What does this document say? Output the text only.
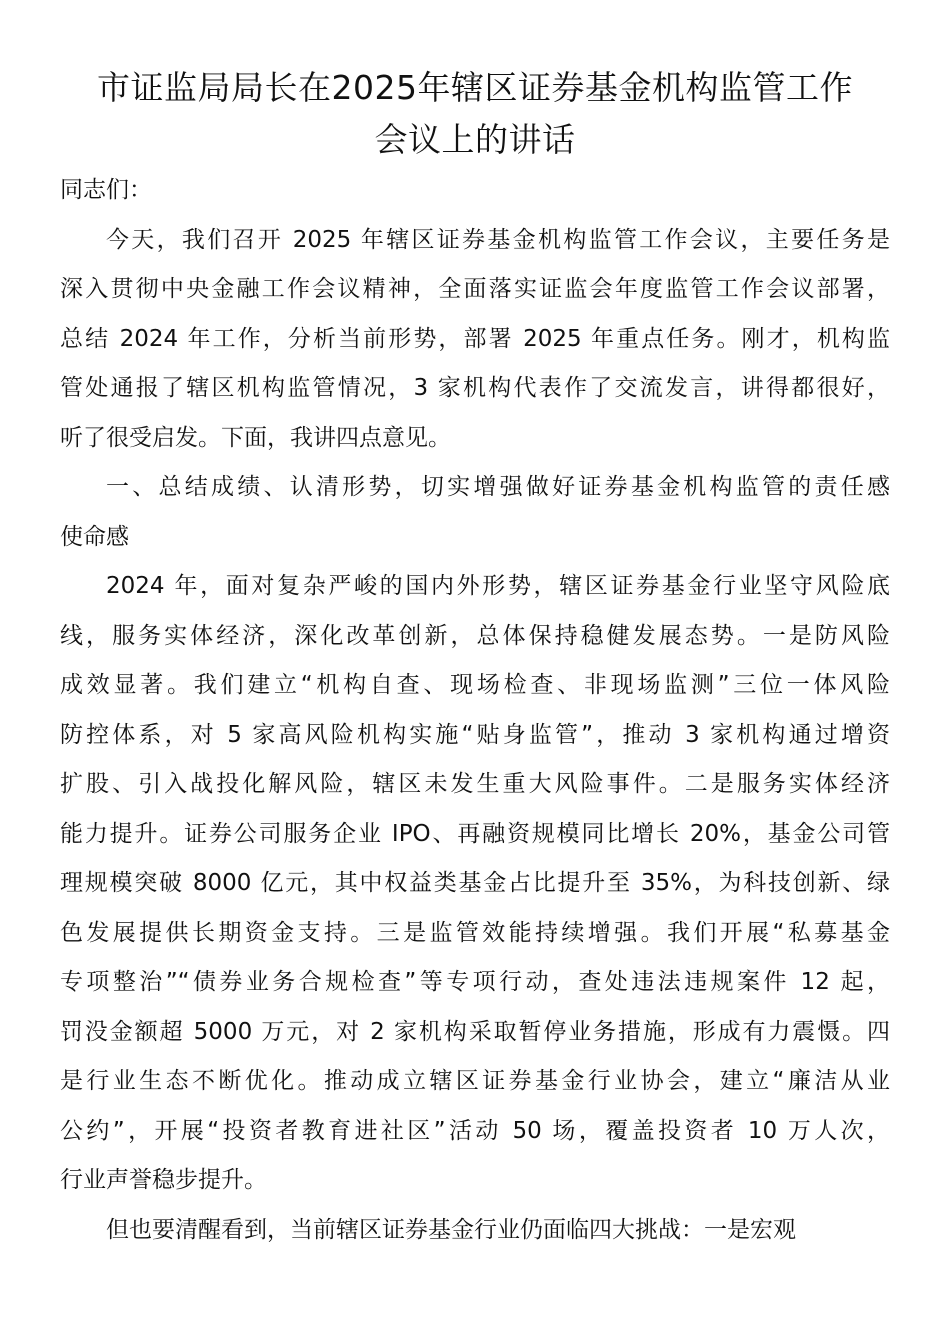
市证监局局长在2025年辖区证券基金机构监管工作
会议上的讲话

同志们：

今天，我们召开 2025 年辖区证券基金机构监管工作会议，主要任务是
深入贯彻中央金融工作会议精神，全面落实证监会年度监管工作会议部署，
总结 2024 年工作，分析当前形势，部署 2025 年重点任务。刚才，机构监
管处通报了辖区机构监管情况，3 家机构代表作了交流发言，讲得都很好，
听了很受启发。下面，我讲四点意见。
一、总结成绩、认清形势，切实增强做好证券基金机构监管的责任感
使命感
2024 年，面对复杂严峻的国内外形势，辖区证券基金行业坚守风险底
线，服务实体经济，深化改革创新，总体保持稳健发展态势。一是防风险
成效显著。我们建立“机构自查、现场检查、非现场监测”三位一体风险
防控体系，对 5 家高风险机构实施“贴身监管”，推动 3 家机构通过增资
扩股、引入战投化解风险，辖区未发生重大风险事件。二是服务实体经济
能力提升。证券公司服务企业 IPO、再融资规模同比增长 20%，基金公司管
理规模突破 8000 亿元，其中权益类基金占比提升至 35%，为科技创新、绿
色发展提供长期资金支持。三是监管效能持续增强。我们开展“私募基金
专项整治”“债券业务合规检查”等专项行动，查处违法违规案件 12 起，
罚没金额超 5000 万元，对 2 家机构采取暂停业务措施，形成有力震慑。四
是行业生态不断优化。推动成立辖区证券基金行业协会，建立“廉洁从业
公约”，开展“投资者教育进社区”活动 50 场，覆盖投资者 10 万人次，
行业声誉稳步提升。
但也要清醒看到，当前辖区证券基金行业仍面临四大挑战：一是宏观
